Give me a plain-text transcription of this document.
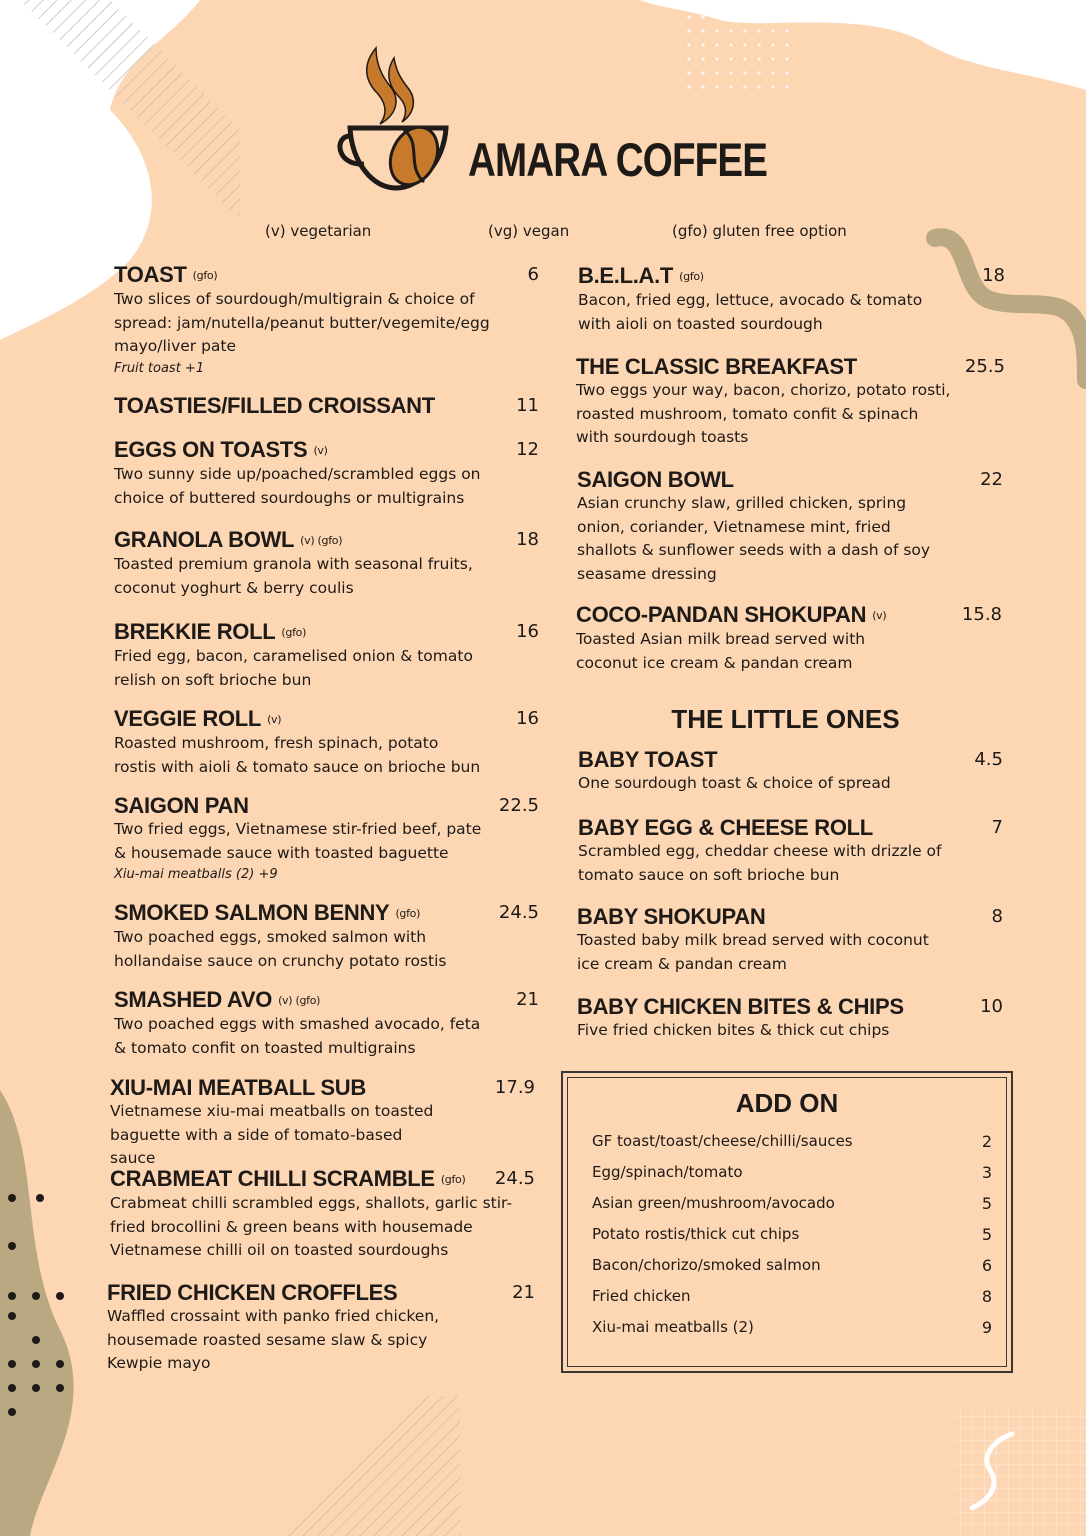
AMARA COFFEE
(v) vegetarian	(vg) vegan	(gfo) gluten free option
TOAST (gfo)	6
Two slices of sourdough/multigrain & choice of spread: jam/nutella/peanut butter/vegemite/egg mayo/liver pate
Fruit toast +1
TOASTIES/FILLED CROISSANT	11
EGGS ON TOASTS (v)	12
Two sunny side up/poached/scrambled eggs on choice of buttered sourdoughs or multigrains
GRANOLA BOWL (v) (gfo)	18
Toasted premium granola with seasonal fruits, coconut yoghurt & berry coulis
BREKKIE ROLL (gfo)	16
Fried egg, bacon, caramelised onion & tomato relish on soft brioche bun
VEGGIE ROLL (v)	16
Roasted mushroom, fresh spinach, potato rostis with aioli & tomato sauce on brioche bun
SAIGON PAN	22.5
Two fried eggs, Vietnamese stir-fried beef, pate & housemade sauce with toasted baguette
Xiu-mai meatballs (2) +9
SMOKED SALMON BENNY (gfo)	24.5
Two poached eggs, smoked salmon with hollandaise sauce on crunchy potato rostis
SMASHED AVO (v) (gfo)	21
Two poached eggs with smashed avocado, feta & tomato confit on toasted multigrains
XIU-MAI MEATBALL SUB	17.9
Vietnamese xiu-mai meatballs on toasted baguette with a side of tomato-based sauce
CRABMEAT CHILLI SCRAMBLE (gfo)	24.5
Crabmeat chilli scrambled eggs, shallots, garlic stir-fried brocollini & green beans with housemade Vietnamese chilli oil on toasted sourdoughs
FRIED CHICKEN CROFFLES	21
Waffled crossaint with panko fried chicken, housemade roasted sesame slaw & spicy Kewpie mayo
B.E.L.A.T (gfo)	18
Bacon, fried egg, lettuce, avocado & tomato with aioli on toasted sourdough
THE CLASSIC BREAKFAST	25.5
Two eggs your way, bacon, chorizo, potato rosti, roasted mushroom, tomato confit & spinach with sourdough toasts
SAIGON BOWL	22
Asian crunchy slaw, grilled chicken, spring onion, coriander, Vietnamese mint, fried shallots & sunflower seeds with a dash of soy seasame dressing
COCO-PANDAN SHOKUPAN (v)	15.8
Toasted Asian milk bread served with coconut ice cream & pandan cream
THE LITTLE ONES
BABY TOAST	4.5
One sourdough toast & choice of spread
BABY EGG & CHEESE ROLL	7
Scrambled egg, cheddar cheese with drizzle of tomato sauce on soft brioche bun
BABY SHOKUPAN	8
Toasted baby milk bread served with coconut ice cream & pandan cream
BABY CHICKEN BITES & CHIPS	10
Five fried chicken bites & thick cut chips
ADD ON
GF toast/toast/cheese/chilli/sauces	2
Egg/spinach/tomato	3
Asian green/mushroom/avocado	5
Potato rostis/thick cut chips	5
Bacon/chorizo/smoked salmon	6
Fried chicken	8
Xiu-mai meatballs (2)	9
